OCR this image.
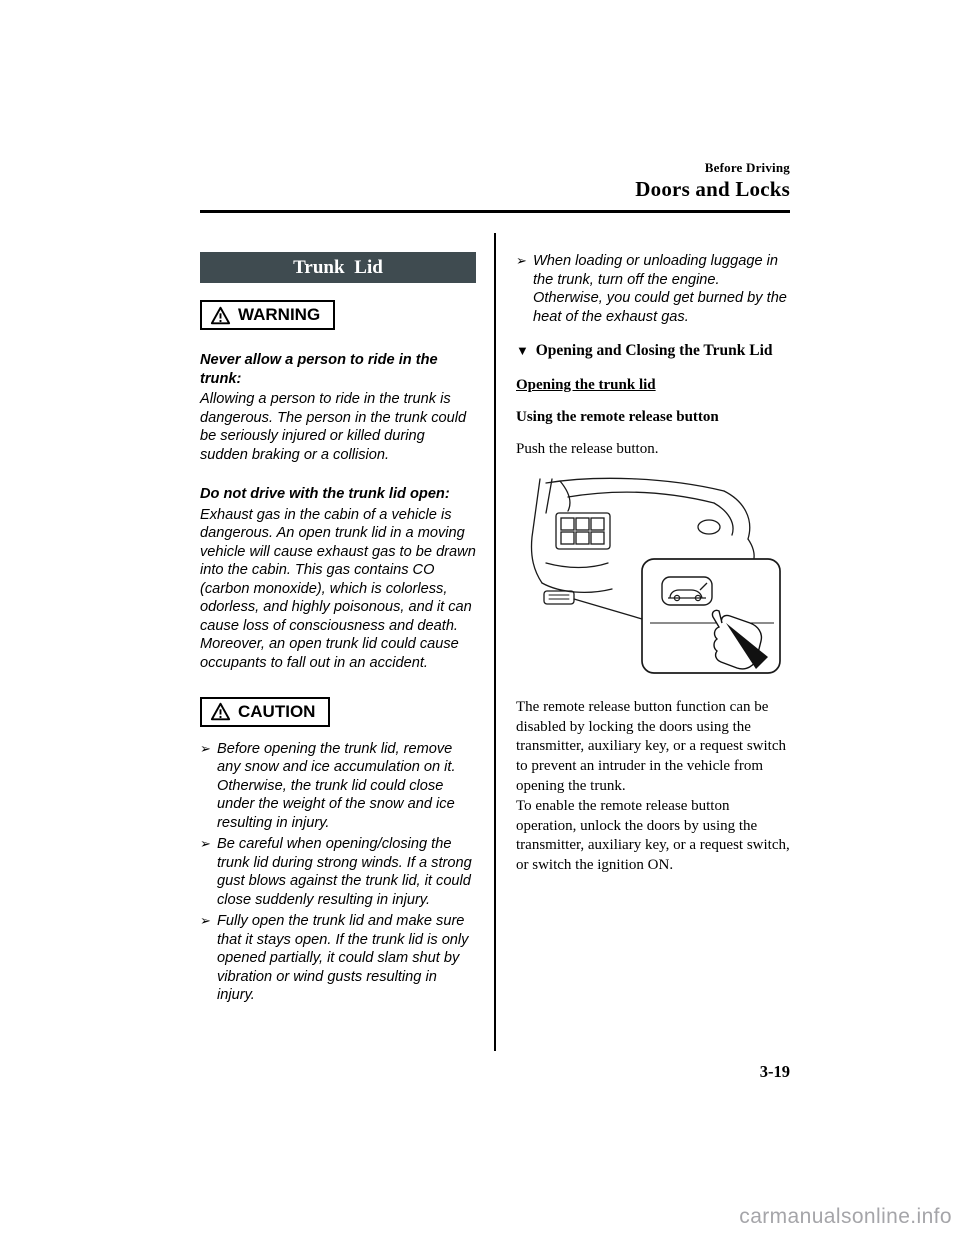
Before Driving
Doors and Locks
Trunk Lid
WARNING
Never allow a person to ride in the trunk:
Allowing a person to ride in the trunk is dangerous. The person in the trunk could be seriously injured or killed during sudden braking or a collision.
Do not drive with the trunk lid open:
Exhaust gas in the cabin of a vehicle is dangerous. An open trunk lid in a moving vehicle will cause exhaust gas to be drawn into the cabin. This gas contains CO (carbon monoxide), which is colorless, odorless, and highly poisonous, and it can cause loss of consciousness and death. Moreover, an open trunk lid could cause occupants to fall out in an accident.
CAUTION
➢ Before opening the trunk lid, remove any snow and ice accumulation on it. Otherwise, the trunk lid could close under the weight of the snow and ice resulting in injury.
➢ Be careful when opening/closing the trunk lid during strong winds. If a strong gust blows against the trunk lid, it could close suddenly resulting in injury.
➢ Fully open the trunk lid and make sure that it stays open. If the trunk lid is only opened partially, it could slam shut by vibration or wind gusts resulting in injury.
➢ When loading or unloading luggage in the trunk, turn off the engine. Otherwise, you could get burned by the heat of the exhaust gas.
▼ Opening and Closing the Trunk Lid
Opening the trunk lid
Using the remote release button
Push the release button.

The remote release button function can be disabled by locking the doors using the transmitter, auxiliary key, or a request switch to prevent an intruder in the vehicle from opening the trunk.

To enable the remote release button operation, unlock the doors by using the transmitter, auxiliary key, or a request switch, or switch the ignition ON.

3-19
carmanualsonline.info
